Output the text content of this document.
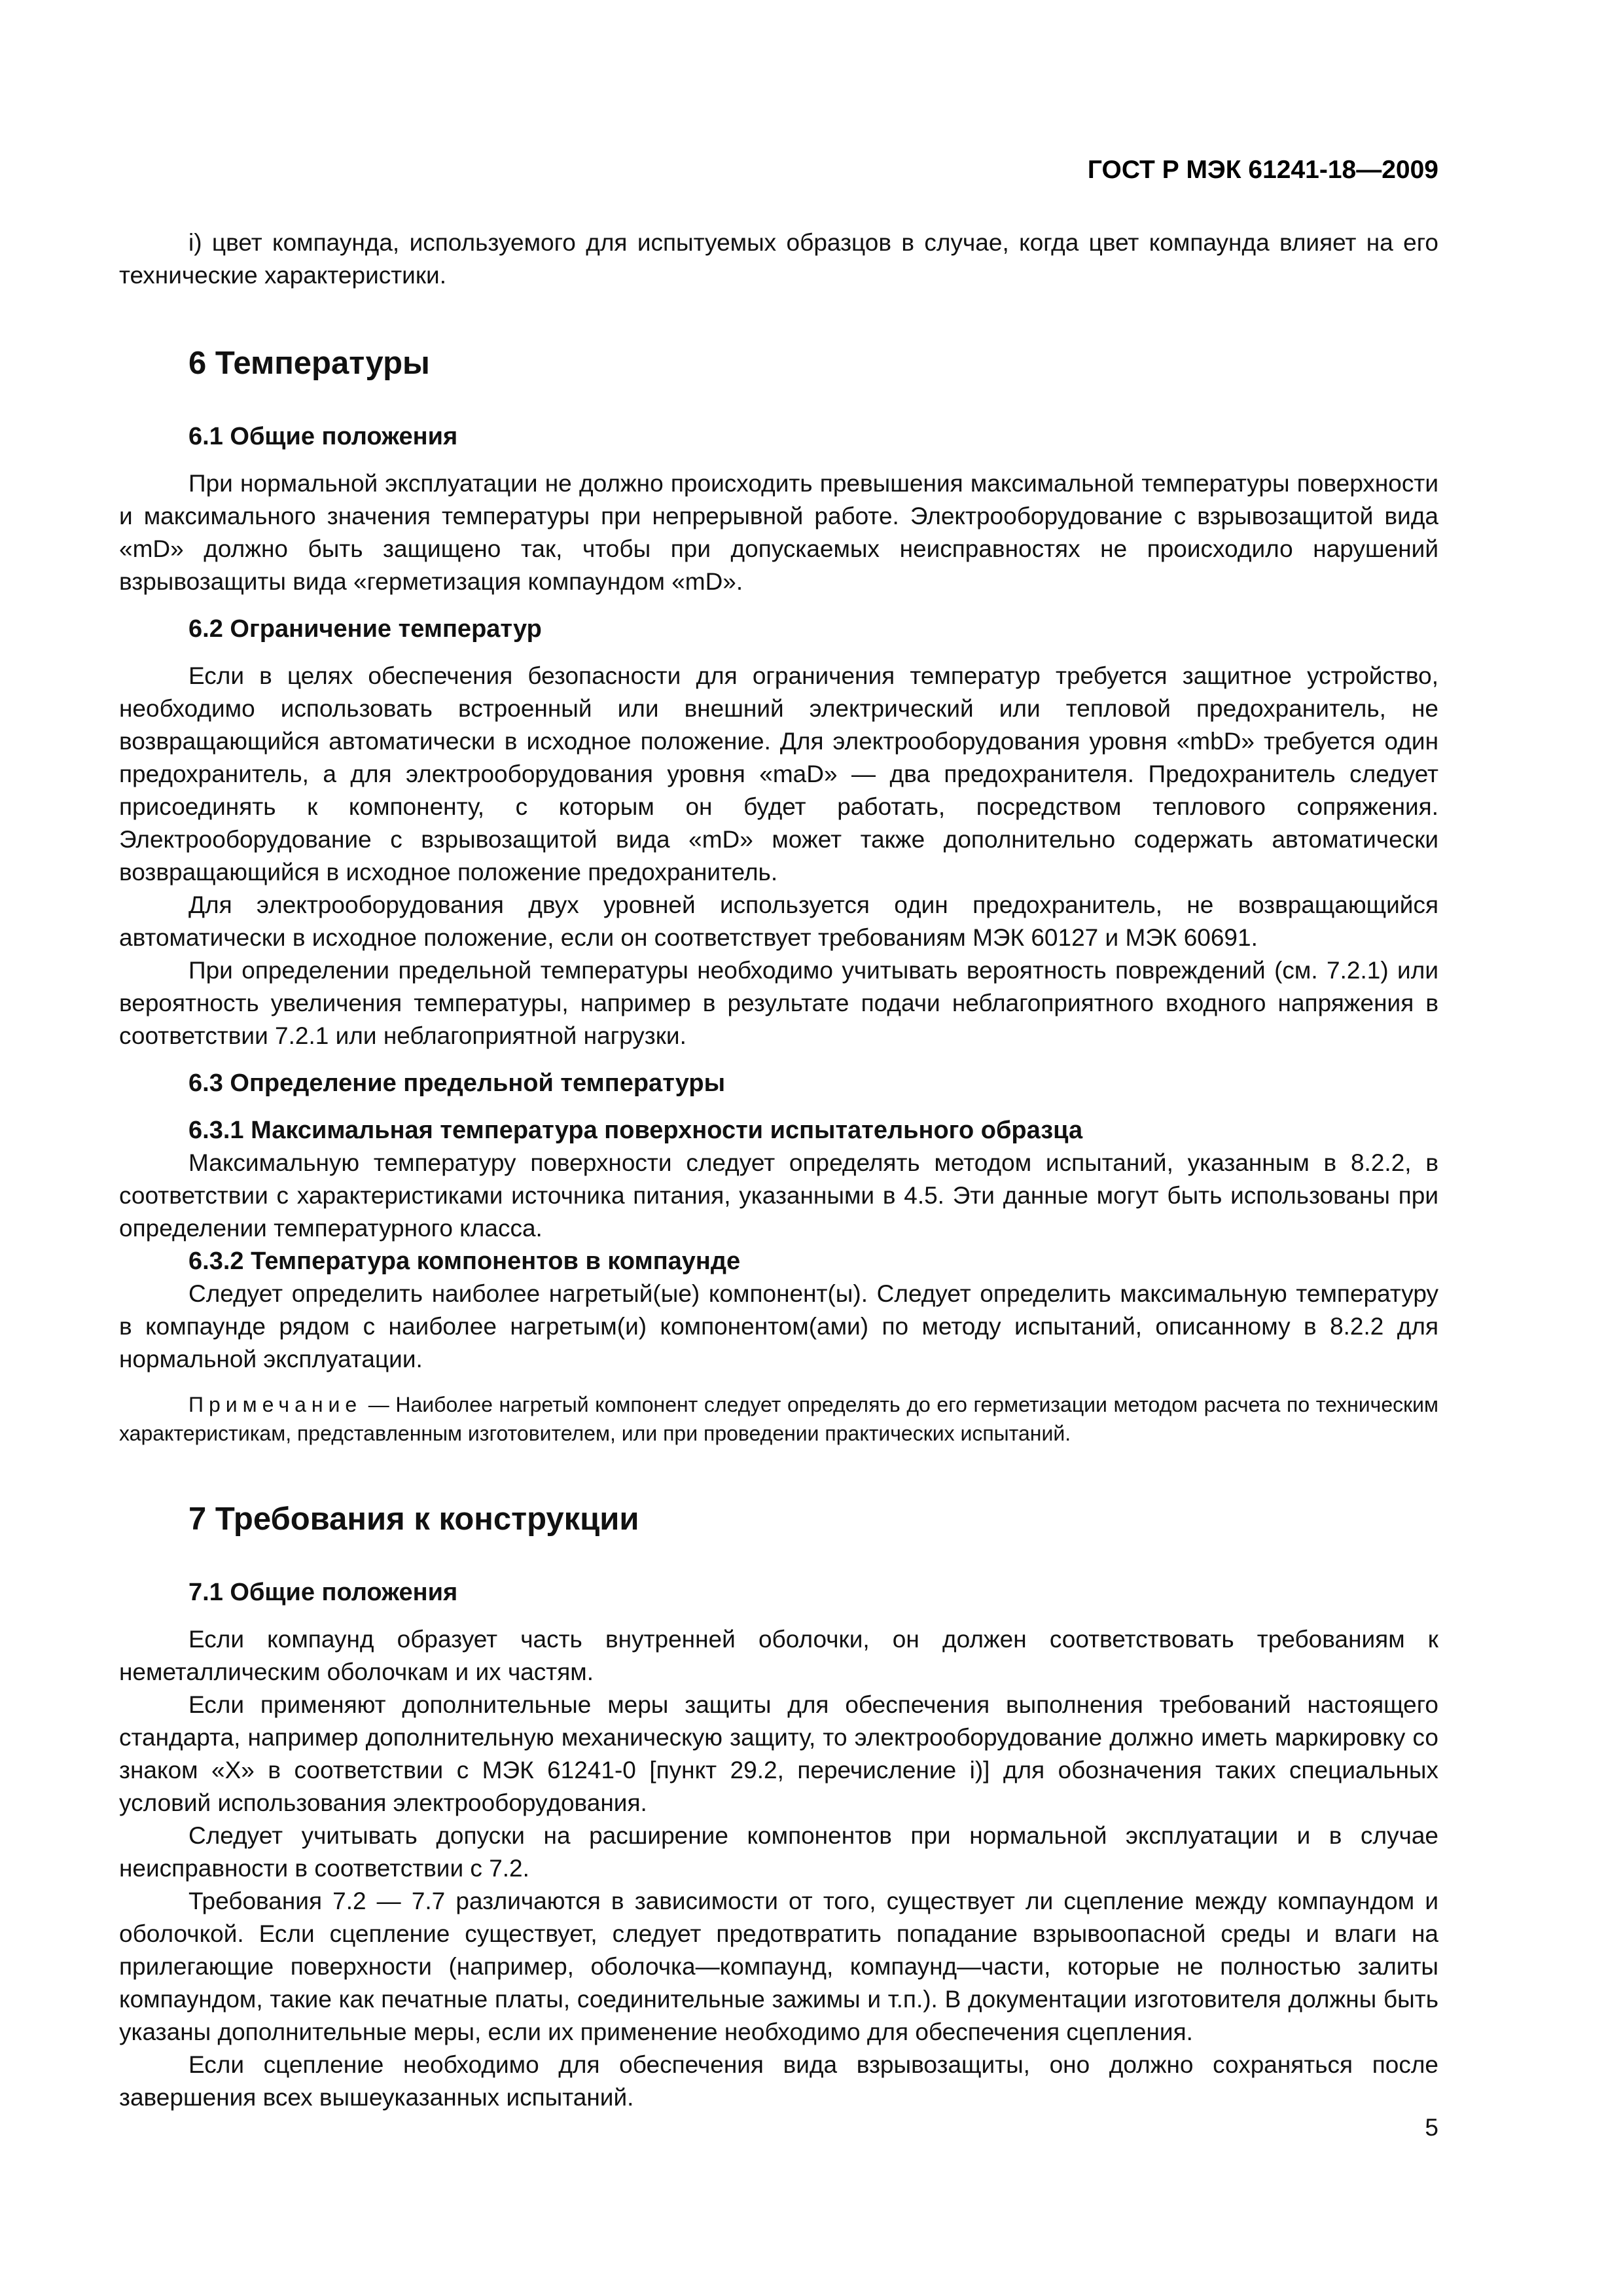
ГОСТ Р МЭК 61241-18—2009

i) цвет компаунда, используемого для испытуемых образцов в случае, когда цвет компаунда влияет на его технические характеристики.

6 Температуры

6.1 Общие положения

При нормальной эксплуатации не должно происходить превышения максимальной температуры поверхности и максимального значения температуры при непрерывной работе. Электрооборудование с взрывозащитой вида «mD» должно быть защищено так, чтобы при допускаемых неисправностях не происходило нарушений взрывозащиты вида «герметизация компаундом «mD».

6.2 Ограничение температур

Если в целях обеспечения безопасности для ограничения температур требуется защитное устройство, необходимо использовать встроенный или внешний электрический или тепловой предохранитель, не возвращающийся автоматически в исходное положение. Для электрооборудования уровня «mbD» требуется один предохранитель, а для электрооборудования уровня «maD» — два предохранителя. Предохранитель следует присоединять к компоненту, с которым он будет работать, посредством теплового сопряжения. Электрооборудование с взрывозащитой вида «mD» может также дополнительно содержать автоматически возвращающийся в исходное положение предохранитель.

Для электрооборудования двух уровней используется один предохранитель, не возвращающийся автоматически в исходное положение, если он соответствует требованиям МЭК 60127 и МЭК 60691.

При определении предельной температуры необходимо учитывать вероятность повреждений (см. 7.2.1) или вероятность увеличения температуры, например в результате подачи неблагоприятного входного напряжения в соответствии 7.2.1 или неблагоприятной нагрузки.

6.3 Определение предельной температуры

6.3.1 Максимальная температура поверхности испытательного образца

Максимальную температуру поверхности следует определять методом испытаний, указанным в 8.2.2, в соответствии с характеристиками источника питания, указанными в 4.5. Эти данные могут быть использованы при определении температурного класса.

6.3.2 Температура компонентов в компаунде

Следует определить наиболее нагретый(ые) компонент(ы). Следует определить максимальную температуру в компаунде рядом с наиболее нагретым(и) компонентом(ами) по методу испытаний, описанному в 8.2.2 для нормальной эксплуатации.

Примечание — Наиболее нагретый компонент следует определять до его герметизации методом расчета по техническим характеристикам, представленным изготовителем, или при проведении практических испытаний.

7 Требования к конструкции

7.1 Общие положения

Если компаунд образует часть внутренней оболочки, он должен соответствовать требованиям к неметаллическим оболочкам и их частям.

Если применяют дополнительные меры защиты для обеспечения выполнения требований настоящего стандарта, например дополнительную механическую защиту, то электрооборудование должно иметь маркировку со знаком «X» в соответствии с МЭК 61241-0 [пункт 29.2, перечисление i)] для обозначения таких специальных условий использования электрооборудования.

Следует учитывать допуски на расширение компонентов при нормальной эксплуатации и в случае неисправности в соответствии с 7.2.

Требования 7.2 — 7.7 различаются в зависимости от того, существует ли сцепление между компаундом и оболочкой. Если сцепление существует, следует предотвратить попадание взрывоопасной среды и влаги на прилегающие поверхности (например, оболочка—компаунд, компаунд—части, которые не полностью залиты компаундом, такие как печатные платы, соединительные зажимы и т.п.). В документации изготовителя должны быть указаны дополнительные меры, если их применение необходимо для обеспечения сцепления.

Если сцепление необходимо для обеспечения вида взрывозащиты, оно должно сохраняться после завершения всех вышеуказанных испытаний.

5
